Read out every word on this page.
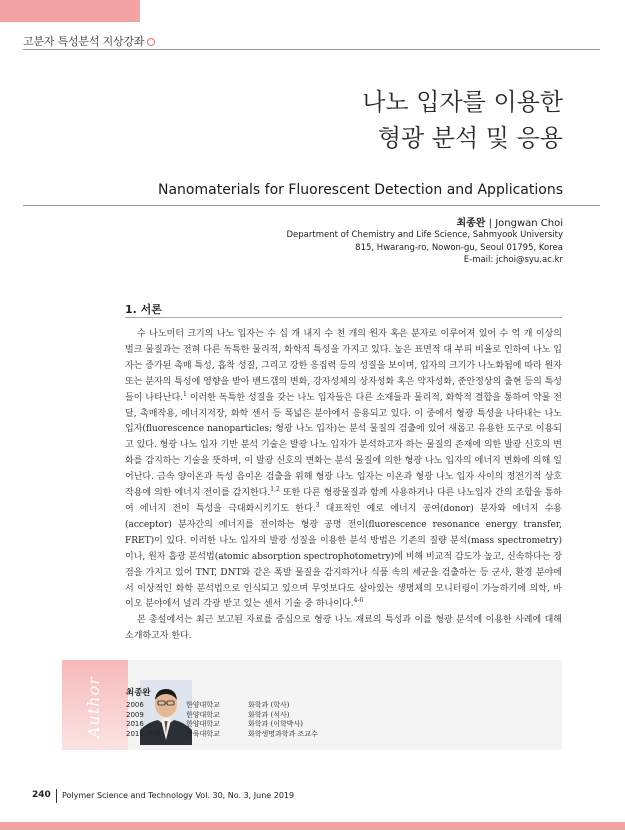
고분자 특성분석 지상강좌
나노 입자를 이용한
형광 분석 및 응용
Nanomaterials for Fluorescent Detection and Applications
최종완 | Jongwan Choi
Department of Chemistry and Life Science, Sahmyook University
815, Hwarang-ro, Nowon-gu, Seoul 01795, Korea
E-mail: jchoi@syu.ac.kr
1. 서론

수 나노미터 크기의 나노 입자는 수 십 개 내지 수 천 개의 원자 혹은 분자로 이루어져 있어 수 억 개 이상의 벌크 물질과는 전혀 다른 독특한 물리적, 화학적 특성을 가지고 있다. 높은 표면적 대 부피 비율로 인하여 나노 입자는 증가된 촉매 특성, 흡착 성질, 그리고 강한 응집력 등의 성질을 보이며, 입자의 크기가 나노화됨에 따라 원자 또는 분자의 특성에 영향을 받아 밴드갭의 변화, 강자성체의 상자성화 혹은 약자성화, 준안정상의 출현 등의 특성들이 나타난다.$^1$ 이러한 독특한 성질을 갖는 나노 입자들은 다른 소재들과 물리적, 화학적 결합을 통하여 약물 전달, 촉매작용, 에너지저장, 화학 센서 등 폭넓은 분야에서 응용되고 있다. 이 중에서 형광 특성을 나타내는 나노 입자(fluorescence nanoparticles; 형광 나노 입자)는 분석 물질의 검출에 있어 새롭고 유용한 도구로 이용되고 있다. 형광 나노 입자 기반 분석 기술은 발광 나노 입자가 분석하고자 하는 물질의 존재에 의한 발광 신호의 변화를 감지하는 기술을 뜻하며, 이 발광 신호의 변화는 분석 물질에 의한 형광 나노 입자의 에너지 변화에 의해 일어난다. 금속 양이온과 독성 음이온 검출을 위해 형광 나노 입자는 이온과 형광 나노 입자 사이의 정전기적 상호작용에 의한 에너지 전이를 감지한다.$^{1,2}$ 또한 다른 형광물질과 함께 사용하거나 다른 나노입자 간의 조합을 통하여 에너지 전이 특성을 극대화시키기도 한다.$^3$ 대표적인 예로 에너지 공여(donor) 분자와 에너지 수용(acceptor) 분자간의 에너지를 전이하는 형광 공명 전이(fluorescence resonance energy transfer, FRET)이 있다. 이러한 나노 입자의 발광 성질을 이용한 분석 방법은 기존의 질량 분석(mass spectrometry)이나, 원자 흡광 분석법(atomic absorption spectrophotometry)에 비해 비교적 감도가 높고, 신속하다는 장점을 가지고 있어 TNT, DNT와 같은 폭발 물질을 감지하거나 식품 속의 세균을 검출하는 등 군사, 환경 분야에서 이상적인 화학 분석법으로 인식되고 있으며 무엇보다도 살아있는 생명체의 모니터링이 가능하기에 의학, 바이오 분야에서 널리 각광 받고 있는 센서 기술 중 하나이다.$^{4-6}$

본 총설에서는 최근 보고된 자료를 중심으로 형광 나노 재료의 특성과 이를 형광 분석에 이용한 사례에 대해 소개하고자 한다.

Author	최종완
2006	한양대학교	화학과 (학사)
2009	한양대학교	화학과 (석사)
2016	한양대학교	화학과 (이학박사)
2016-현재	삼육대학교	화학생명과학과 조교수
240 Polymer Science and Technology Vol. 30, No. 3, June 2019
